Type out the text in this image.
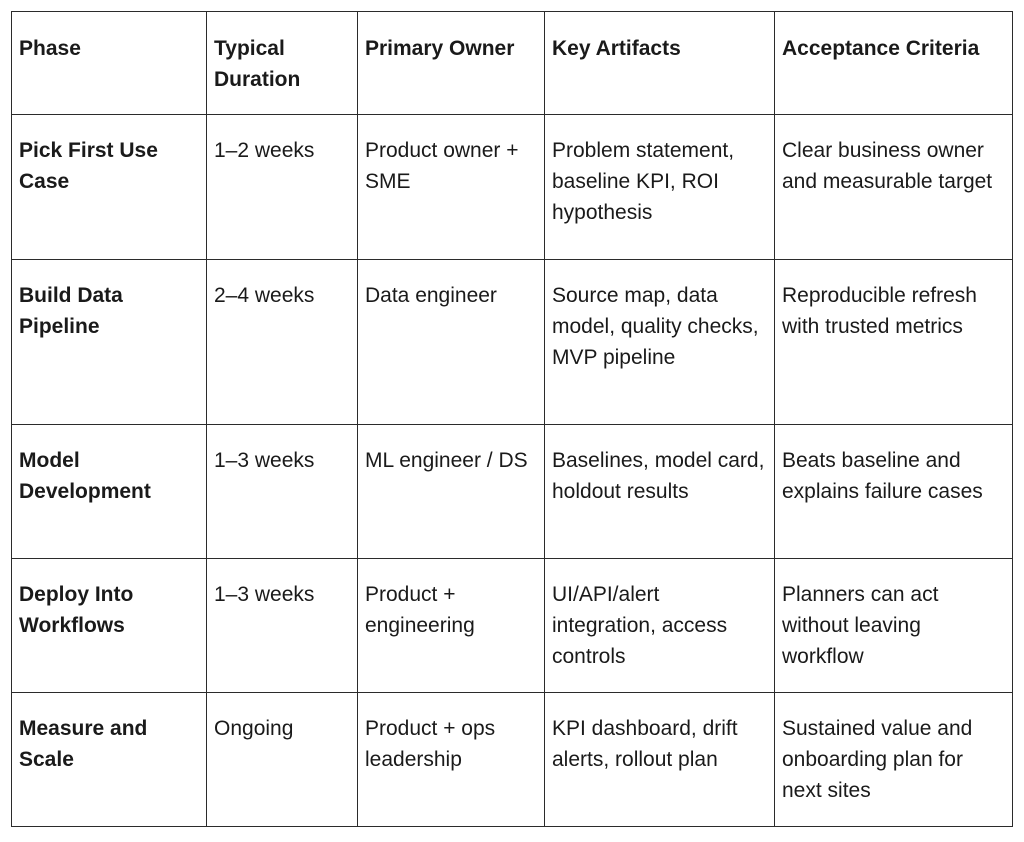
Phase	Typical Duration	Primary Owner	Key Artifacts	Acceptance Criteria
Pick First Use Case	1–2 weeks	Product owner + SME	Problem statement, baseline KPI, ROI hypothesis	Clear business owner and measurable target
Build Data Pipeline	2–4 weeks	Data engineer	Source map, data model, quality checks, MVP pipeline	Reproducible refresh with trusted metrics
Model Development	1–3 weeks	ML engineer / DS	Baselines, model card, holdout results	Beats baseline and explains failure cases
Deploy Into Workflows	1–3 weeks	Product + engineering	UI/API/alert integration, access controls	Planners can act without leaving workflow
Measure and Scale	Ongoing	Product + ops leadership	KPI dashboard, drift alerts, rollout plan	Sustained value and onboarding plan for next sites
